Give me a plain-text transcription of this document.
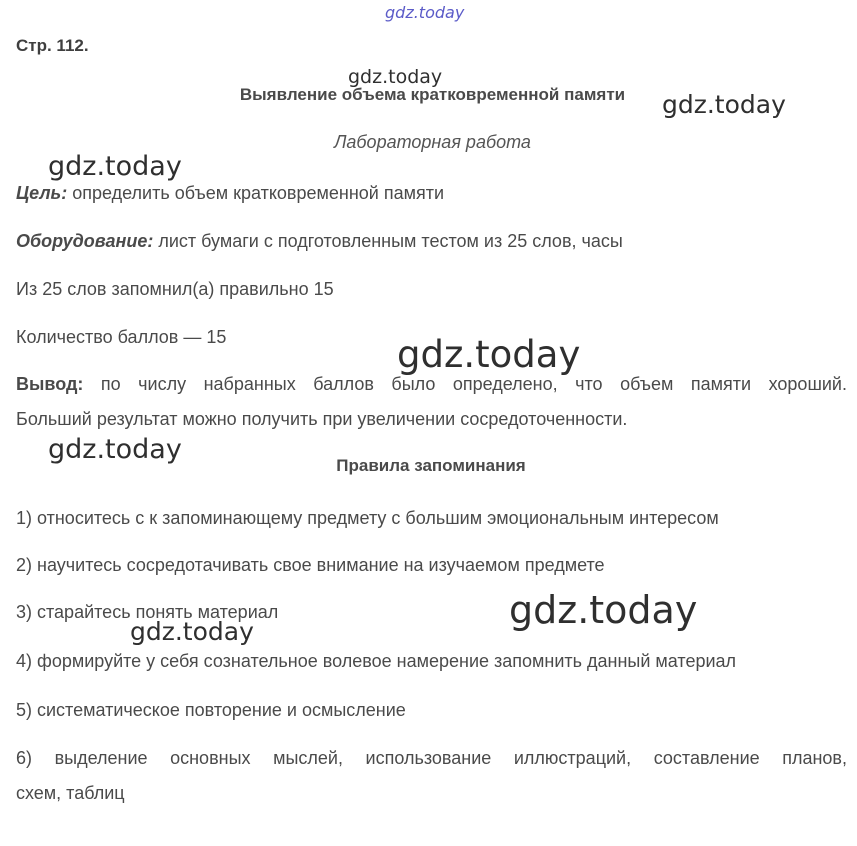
gdz.today
Стр. 112.
gdz.today
Выявление объема кратковременной памяти	gdz.today
Лабораторная работа
gdz.today
Цель: определить объем кратковременной памяти
Оборудование: лист бумаги с подготовленным тестом из 25 слов, часы
Из 25 слов запомнил(а) правильно 15
Количество баллов — 15	gdz.today
Вывод: по числу набранных баллов было определено, что объем памяти хороший.
Больший результат можно получить при увеличении сосредоточенности.
gdz.today
Правила запоминания
1) относитесь с к запоминающему предмету с большим эмоциональным интересом
2) научитесь сосредотачивать свое внимание на изучаемом предмете
3) старайтесь понять материал	gdz.today
gdz.today
4) формируйте у себя сознательное волевое намерение запомнить данный материал
5) систематическое повторение и осмысление
6) выделение основных мыслей, использование иллюстраций, составление планов,
схем, таблиц
